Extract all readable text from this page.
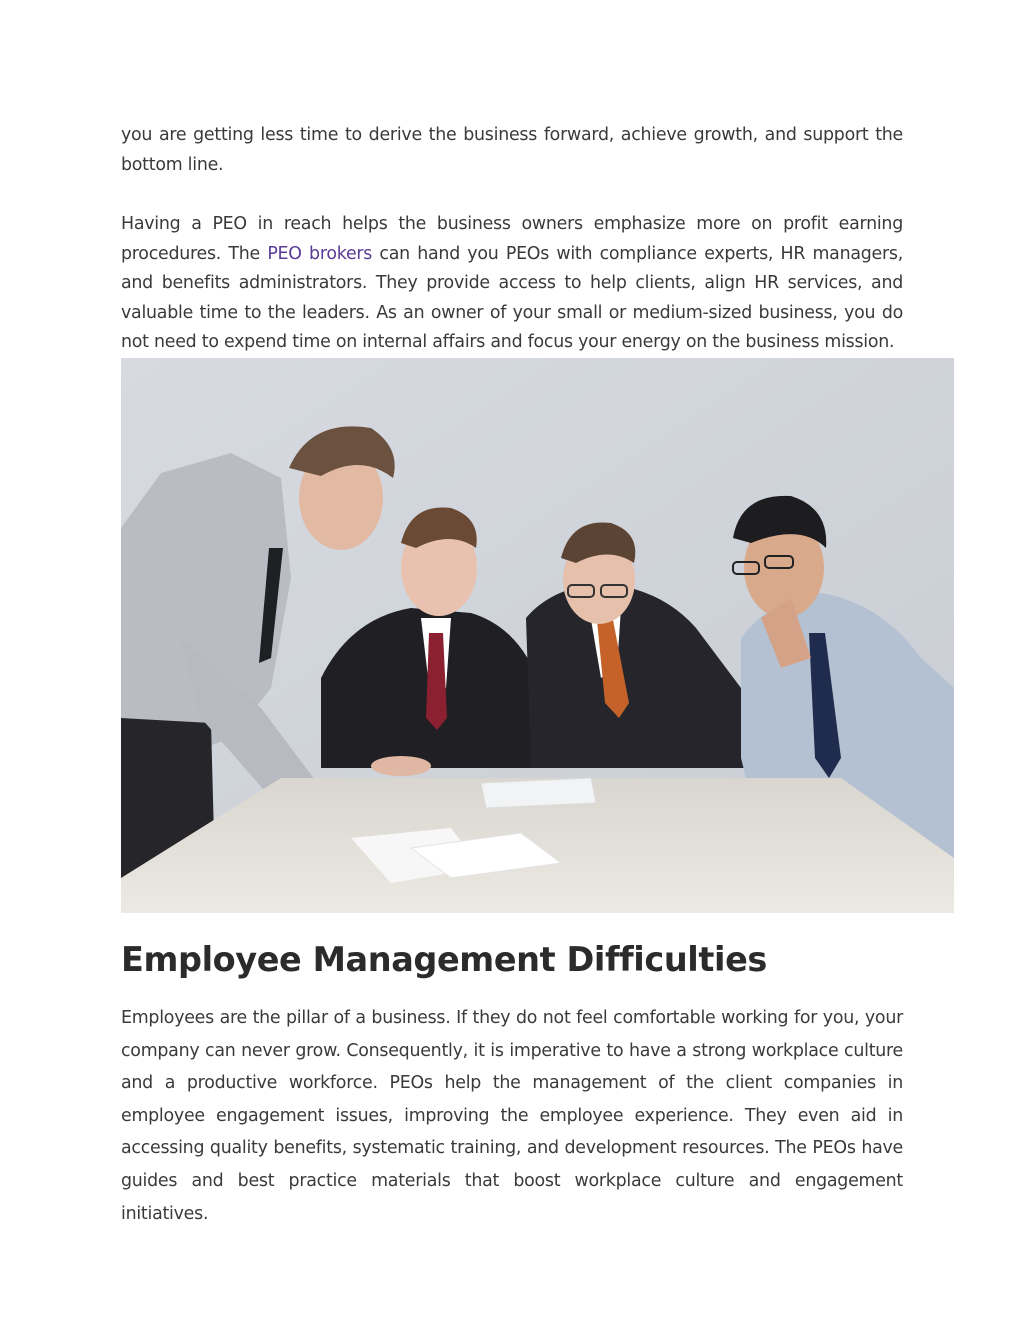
you are getting less time to derive the business forward, achieve growth, and support the bottom line.

Having a PEO in reach helps the business owners emphasize more on profit earning procedures. The PEO brokers can hand you PEOs with compliance experts, HR managers, and benefits administrators. They provide access to help clients, align HR services, and valuable time to the leaders. As an owner of your small or medium-sized business, you do not need to expend time on internal affairs and focus your energy on the business mission.

Employee Management Difficulties

Employees are the pillar of a business. If they do not feel comfortable working for you, your company can never grow. Consequently, it is imperative to have a strong workplace culture and a productive workforce. PEOs help the management of the client companies in employee engagement issues, improving the employee experience. They even aid in accessing quality benefits, systematic training, and development resources. The PEOs have guides and best practice materials that boost workplace culture and engagement initiatives.
